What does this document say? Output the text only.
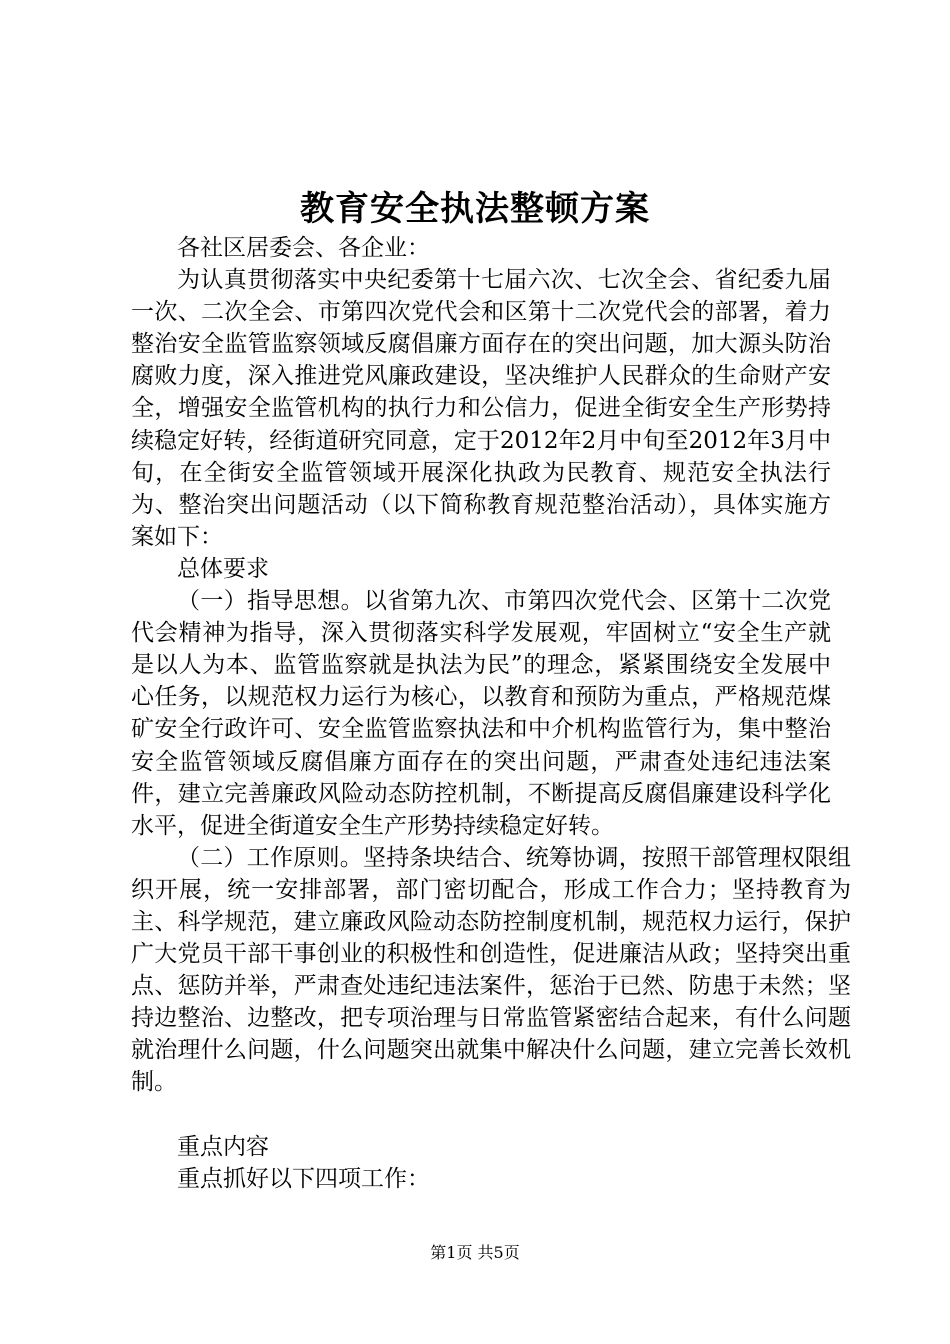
教育安全执法整顿方案

各社区居委会、各企业：

为认真贯彻落实中央纪委第十七届六次、七次全会、省纪委九届一次、二次全会、市第四次党代会和区第十二次党代会的部署，着力整治安全监管监察领域反腐倡廉方面存在的突出问题，加大源头防治腐败力度，深入推进党风廉政建设，坚决维护人民群众的生命财产安全，增强安全监管机构的执行力和公信力，促进全街安全生产形势持续稳定好转，经街道研究同意，定于2012年2月中旬至2012年3月中旬，在全街安全监管领域开展深化执政为民教育、规范安全执法行为、整治突出问题活动（以下简称教育规范整治活动），具体实施方案如下：

总体要求

（一）指导思想。以省第九次、市第四次党代会、区第十二次党代会精神为指导，深入贯彻落实科学发展观，牢固树立“安全生产就是以人为本、监管监察就是执法为民”的理念，紧紧围绕安全发展中心任务，以规范权力运行为核心，以教育和预防为重点，严格规范煤矿安全行政许可、安全监管监察执法和中介机构监管行为，集中整治安全监管领域反腐倡廉方面存在的突出问题，严肃查处违纪违法案件，建立完善廉政风险动态防控机制，不断提高反腐倡廉建设科学化水平，促进全街道安全生产形势持续稳定好转。

（二）工作原则。坚持条块结合、统筹协调，按照干部管理权限组织开展，统一安排部署，部门密切配合，形成工作合力；坚持教育为主、科学规范，建立廉政风险动态防控制度机制，规范权力运行，保护广大党员干部干事创业的积极性和创造性，促进廉洁从政；坚持突出重点、惩防并举，严肃查处违纪违法案件，惩治于已然、防患于未然；坚持边整治、边整改，把专项治理与日常监管紧密结合起来，有什么问题就治理什么问题，什么问题突出就集中解决什么问题，建立完善长效机制。

重点内容

重点抓好以下四项工作：

第1页 共5页
